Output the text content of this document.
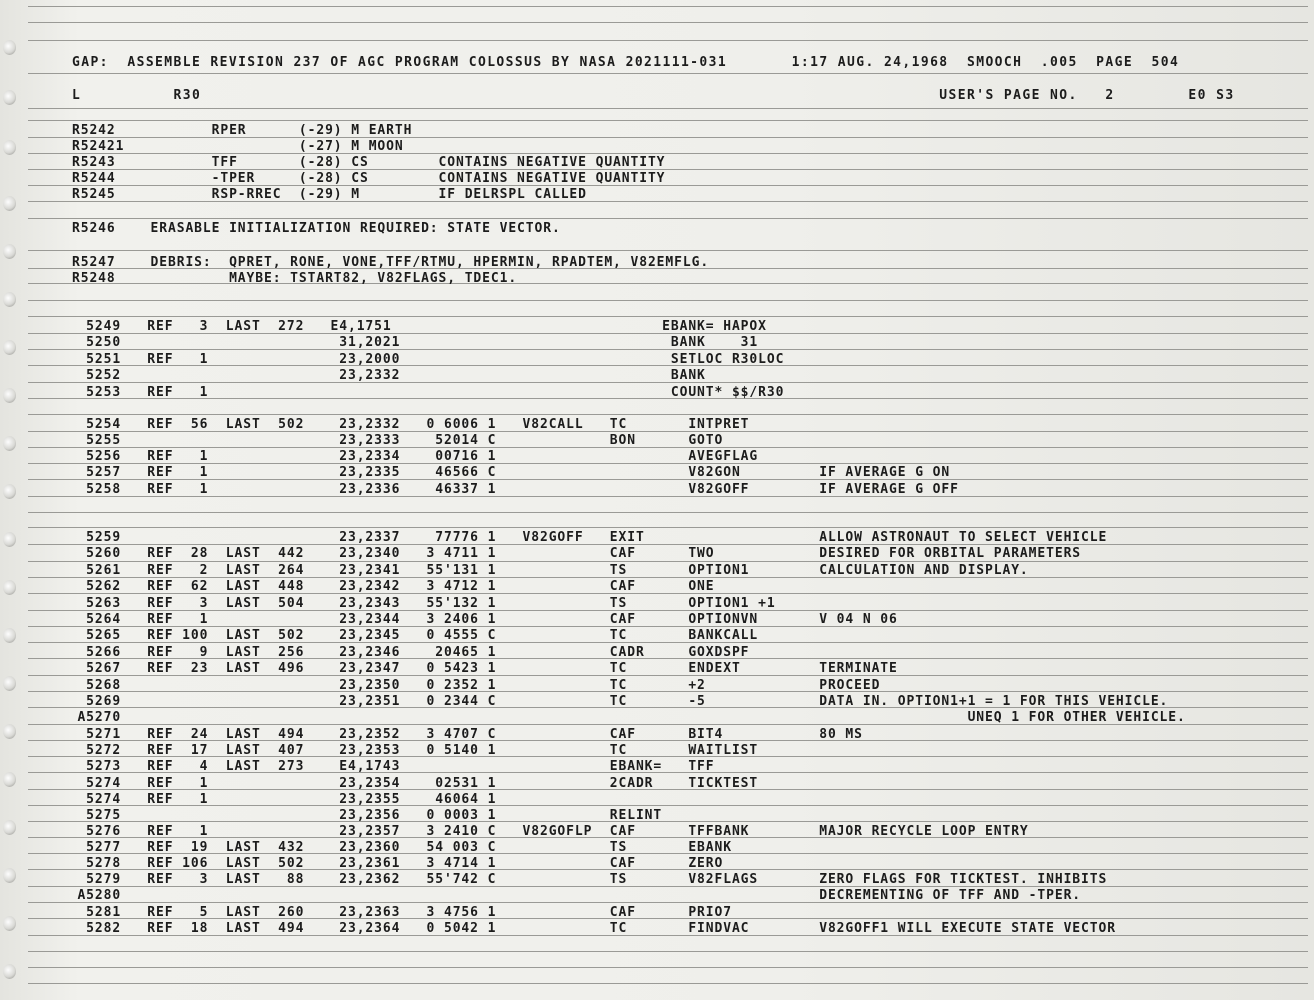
GAP:  ASSEMBLE REVISION 237 OF AGC PROGRAM COLOSSUS BY NASA 2021111-031       1:17 AUG. 24,1968  SMOOCH  .005  PAGE  504
L          R30                                                                                USER'S PAGE NO.   2        E0 S3
R5242           RPER      (-29) M EARTH
R52421                    (-27) M MOON
R5243           TFF       (-28) CS        CONTAINS NEGATIVE QUANTITY
R5244           -TPER     (-28) CS        CONTAINS NEGATIVE QUANTITY
R5245           RSP-RREC  (-29) M         IF DELRSPL CALLED
R5246    ERASABLE INITIALIZATION REQUIRED: STATE VECTOR.
R5247    DEBRIS:  QPRET, RONE, VONE,TFF/RTMU, HPERMIN, RPADTEM, V82EMFLG.
R5248             MAYBE: TSTART82, V82FLAGS, TDEC1.
5249   REF   3  LAST  272   E4,1751                               EBANK= HAPOX
5250                         31,2021                               BANK    31
5251   REF   1               23,2000                               SETLOC R30LOC
5252                         23,2332                               BANK
5253   REF   1                                                     COUNT* $$/R30
5254   REF  56  LAST  502    23,2332   0 6006 1   V82CALL   TC       INTPRET
5255                         23,2333    52014 C             BON      GOTO
5256   REF   1               23,2334    00716 1                      AVEGFLAG
5257   REF   1               23,2335    46566 C                      V82GON         IF AVERAGE G ON
5258   REF   1               23,2336    46337 1                      V82GOFF        IF AVERAGE G OFF
5259                         23,2337    77776 1   V82GOFF   EXIT                    ALLOW ASTRONAUT TO SELECT VEHICLE
5260   REF  28  LAST  442    23,2340   3 4711 1             CAF      TWO            DESIRED FOR ORBITAL PARAMETERS
5261   REF   2  LAST  264    23,2341   55'131 1             TS       OPTION1        CALCULATION AND DISPLAY.
5262   REF  62  LAST  448    23,2342   3 4712 1             CAF      ONE
5263   REF   3  LAST  504    23,2343   55'132 1             TS       OPTION1 +1
5264   REF   1               23,2344   3 2406 1             CAF      OPTIONVN       V 04 N 06
5265   REF 100  LAST  502    23,2345   0 4555 C             TC       BANKCALL
5266   REF   9  LAST  256    23,2346    20465 1             CADR     GOXDSPF
5267   REF  23  LAST  496    23,2347   0 5423 1             TC       ENDEXT         TERMINATE
5268                         23,2350   0 2352 1             TC       +2             PROCEED
5269                         23,2351   0 2344 C             TC       -5             DATA IN. OPTION1+1 = 1 FOR THIS VEHICLE.
A5270                                                                                                 UNEQ 1 FOR OTHER VEHICLE.
5271   REF  24  LAST  494    23,2352   3 4707 C             CAF      BIT4           80 MS
5272   REF  17  LAST  407    23,2353   0 5140 1             TC       WAITLIST
5273   REF   4  LAST  273    E4,1743                        EBANK=   TFF
5274   REF   1               23,2354    02531 1             2CADR    TICKTEST
5274   REF   1               23,2355    46064 1
5275                         23,2356   0 0003 1             RELINT
5276   REF   1               23,2357   3 2410 C   V82GOFLP  CAF      TFFBANK        MAJOR RECYCLE LOOP ENTRY
5277   REF  19  LAST  432    23,2360   54 003 C             TS       EBANK
5278   REF 106  LAST  502    23,2361   3 4714 1             CAF      ZERO
5279   REF   3  LAST   88    23,2362   55'742 C             TS       V82FLAGS       ZERO FLAGS FOR TICKTEST. INHIBITS
A5280                                                                                DECREMENTING OF TFF AND -TPER.
5281   REF   5  LAST  260    23,2363   3 4756 1             CAF      PRIO7
5282   REF  18  LAST  494    23,2364   0 5042 1             TC       FINDVAC        V82GOFF1 WILL EXECUTE STATE VECTOR
